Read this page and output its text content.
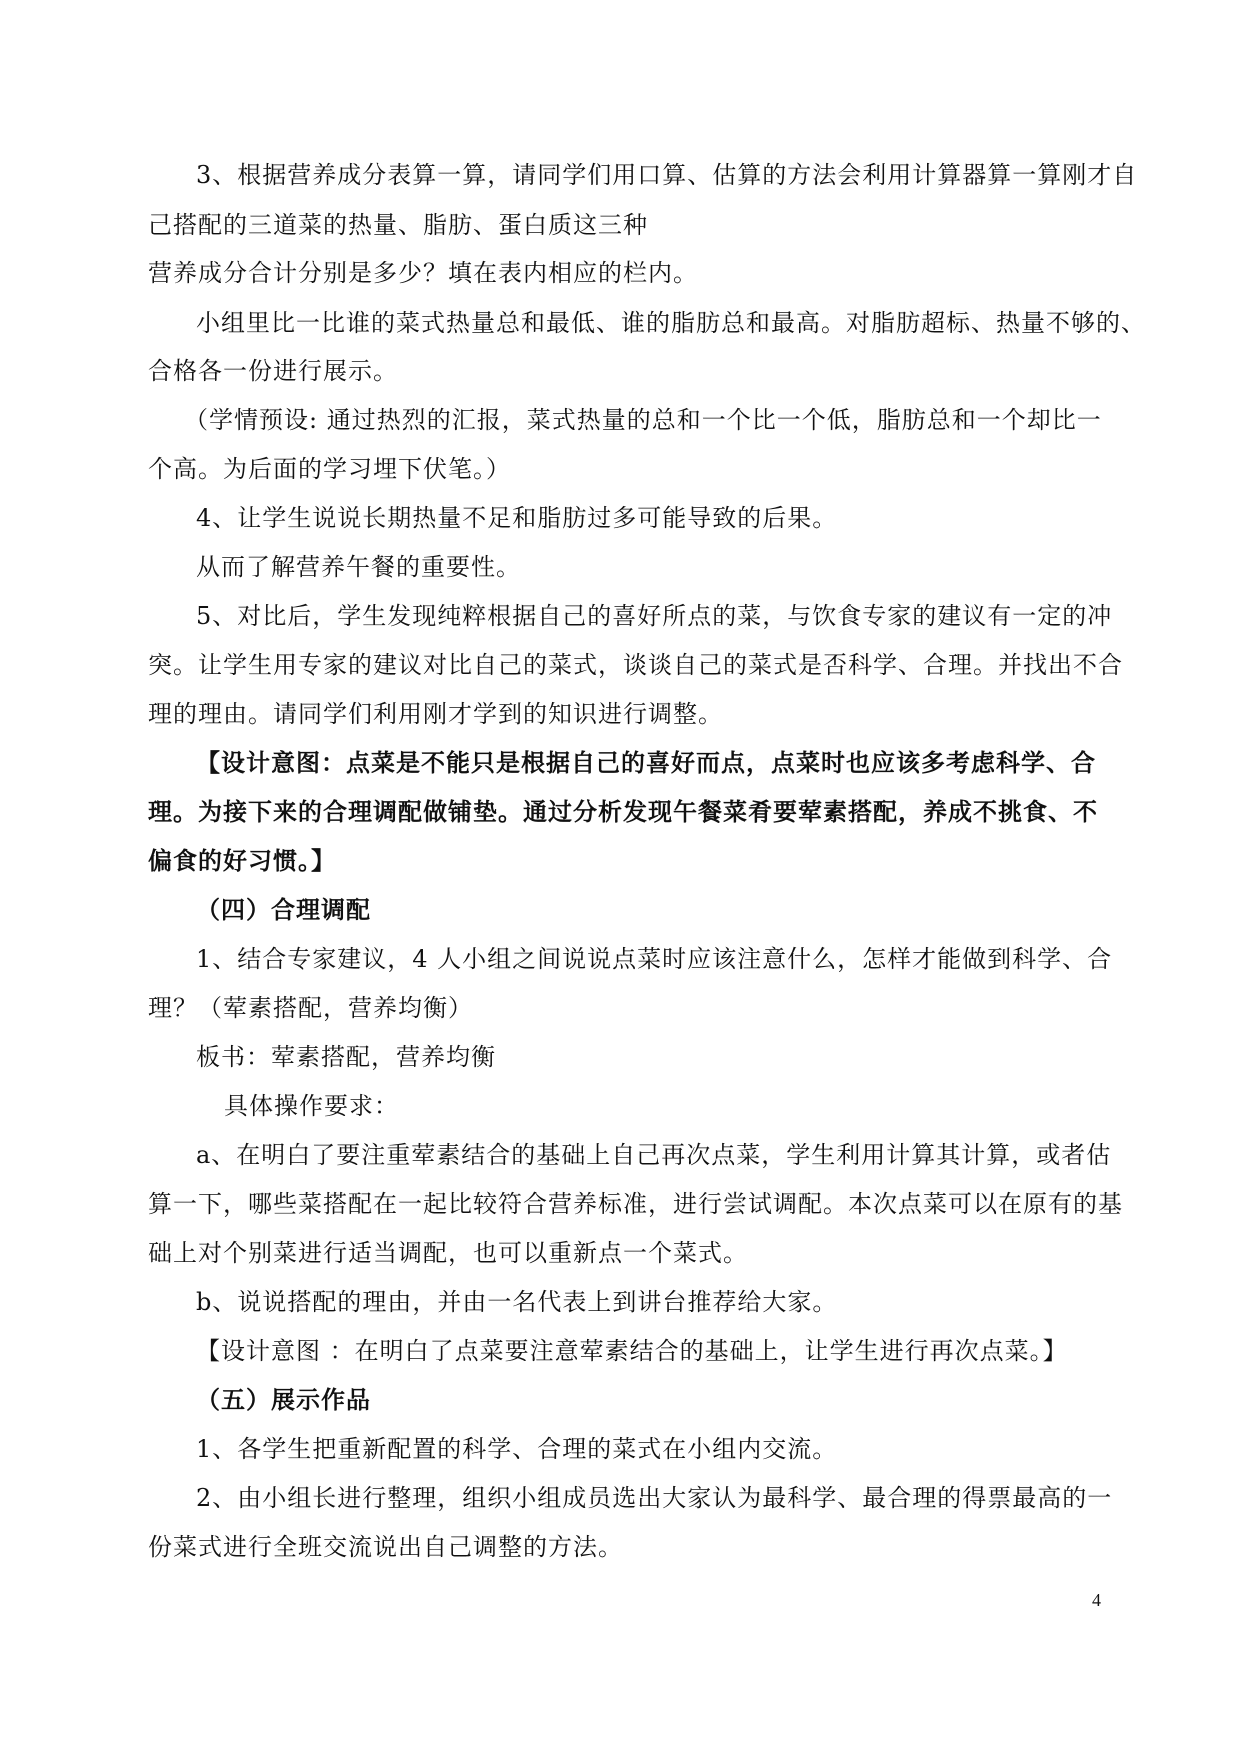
3、根据营养成分表算一算，请同学们用口算、估算的方法会利用计算器算一算刚才自
己搭配的三道菜的热量、脂肪、蛋白质这三种
营养成分合计分别是多少？填在表内相应的栏内。
小组里比一比谁的菜式热量总和最低、谁的脂肪总和最高。对脂肪超标、热量不够的、
合格各一份进行展示。
（学情预设: 通过热烈的汇报，菜式热量的总和一个比一个低，脂肪总和一个却比一
个高。为后面的学习埋下伏笔。）
4、让学生说说长期热量不足和脂肪过多可能导致的后果。
从而了解营养午餐的重要性。
5、对比后，学生发现纯粹根据自己的喜好所点的菜，与饮食专家的建议有一定的冲
突。让学生用专家的建议对比自己的菜式，谈谈自己的菜式是否科学、合理。并找出不合
理的理由。请同学们利用刚才学到的知识进行调整。
【设计意图：点菜是不能只是根据自己的喜好而点，点菜时也应该多考虑科学、合
理。为接下来的合理调配做铺垫。通过分析发现午餐菜肴要荤素搭配，养成不挑食、不
偏食的好习惯。】
（四）合理调配
1、结合专家建议，4 人小组之间说说点菜时应该注意什么，怎样才能做到科学、合
理？（荤素搭配，营养均衡）
板书：荤素搭配，营养均衡
具体操作要求：
a、在明白了要注重荤素结合的基础上自己再次点菜，学生利用计算其计算，或者估
算一下，哪些菜搭配在一起比较符合营养标准，进行尝试调配。本次点菜可以在原有的基
础上对个别菜进行适当调配，也可以重新点一个菜式。
b、说说搭配的理由，并由一名代表上到讲台推荐给大家。
【设计意图 ：在明白了点菜要注意荤素结合的基础上，让学生进行再次点菜。】
（五）展示作品
1、各学生把重新配置的科学、合理的菜式在小组内交流。
2、由小组长进行整理，组织小组成员选出大家认为最科学、最合理的得票最高的一
份菜式进行全班交流说出自己调整的方法。
4
